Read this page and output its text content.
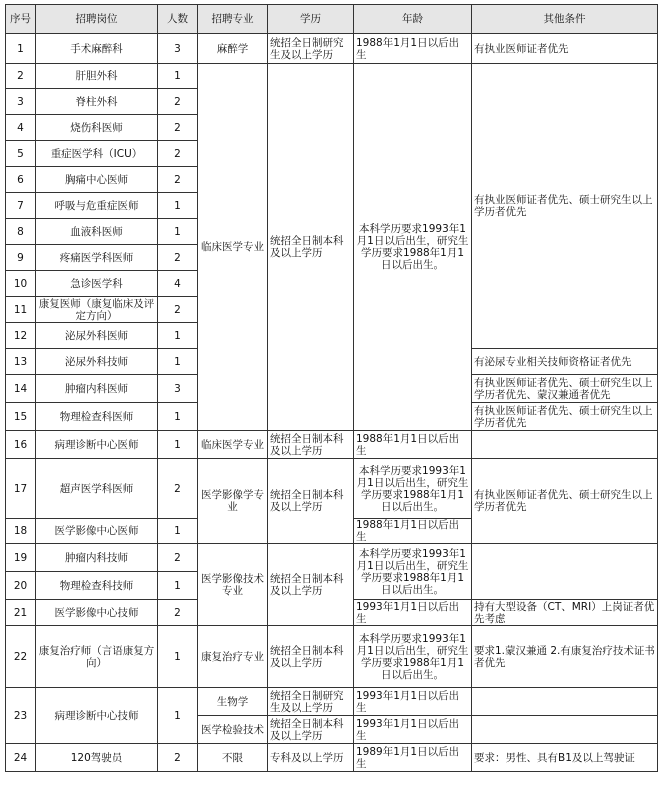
序号	招聘岗位	人数	招聘专业	学历	年龄	其他条件
1	手术麻醉科	3	麻醉学	统招全日制研究生及以上学历	1988年1月1日以后出生	有执业医师证者优先
2	肝胆外科	1	临床医学专业	统招全日制本科及以上学历	本科学历要求1993年1月1日以后出生，研究生学历要求1988年1月1日以后出生。	有执业医师证者优先、硕士研究生以上学历者优先
3	脊柱外科	2				
4	烧伤科医师	2				
5	重症医学科（ICU）	2				
6	胸痛中心医师	2				
7	呼吸与危重症医师	1				
8	血液科医师	1				
9	疼痛医学科医师	2				
10	急诊医学科	4				
11	康复医师（康复临床及评定方向）	2				
12	泌尿外科医师	1				
13	泌尿外科技师	1				有泌尿专业相关技师资格证者优先
14	肿瘤内科医师	3				有执业医师证者优先、硕士研究生以上学历者优先、蒙汉兼通者优先
15	物理检查科医师	1				有执业医师证者优先、硕士研究生以上学历者优先
16	病理诊断中心医师	1	临床医学专业	统招全日制本科及以上学历	1988年1月1日以后出生	
17	超声医学科医师	2	医学影像学专业	统招全日制本科及以上学历	本科学历要求1993年1月1日以后出生，研究生学历要求1988年1月1日以后出生。	有执业医师证者优先、硕士研究生以上学历者优先
18	医学影像中心医师	1			1988年1月1日以后出生	
19	肿瘤内科技师	2	医学影像技术专业	统招全日制本科及以上学历	本科学历要求1993年1月1日以后出生，研究生学历要求1988年1月1日以后出生。	
20	物理检查科技师	1				
21	医学影像中心技师	2			1993年1月1日以后出生	持有大型设备（CT、MRI）上岗证者优先考虑
22	康复治疗师（言语康复方向）	1	康复治疗专业	统招全日制本科及以上学历	本科学历要求1993年1月1日以后出生，研究生学历要求1988年1月1日以后出生。	要求1.蒙汉兼通 2.有康复治疗技术证书者优先
23	病理诊断中心技师	1	生物学	统招全日制研究生及以上学历	1993年1月1日以后出生	
			医学检验技术	统招全日制本科及以上学历	1993年1月1日以后出生	
24	120驾驶员	2	不限	专科及以上学历	1989年1月1日以后出生	要求：男性、具有B1及以上驾驶证
